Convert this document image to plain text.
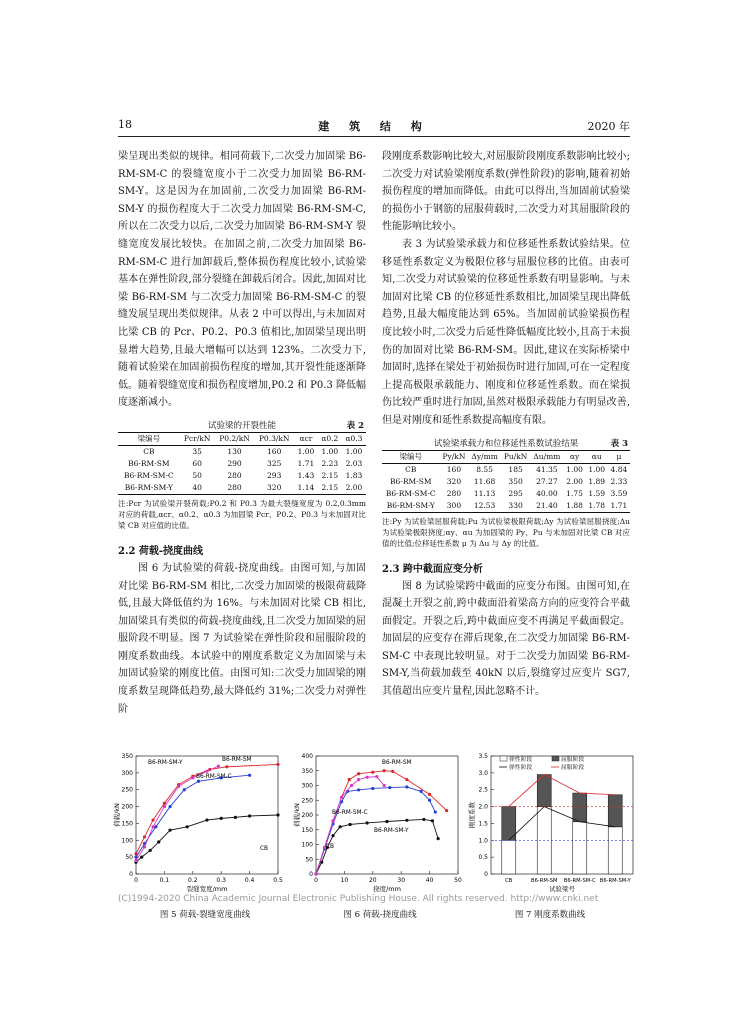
18	建 筑 结 构	2020 年

梁呈现出类似的规律。相同荷载下,二次受力加固梁 B6-RM-SM-C 的裂缝宽度小于二次受力加固梁 B6-RM-SM-Y。这是因为在加固前,二次受力加固梁 B6-RM-SM-Y 的损伤程度大于二次受力加固梁 B6-RM-SM-C,所以在二次受力以后,二次受力加固梁 B6-RM-SM-Y 裂缝宽度发展比较快。在加固之前,二次受力加固梁 B6-RM-SM-C 进行加卸载后,整体损伤程度比较小,试验梁基本在弹性阶段,部分裂缝在卸载后闭合。因此,加固对比梁 B6-RM-SM 与二次受力加固梁 B6-RM-SM-C 的裂缝发展呈现出类似规律。从表 2 中可以得出,与未加固对比梁 CB 的 Pcr、P0.2、P0.3 值相比,加固梁呈现出明显增大趋势,且最大增幅可以达到 123%。二次受力下,随着试验梁在加固前损伤程度的增加,其开裂性能逐渐降低。随着裂缝宽度和损伤程度增加,P0.2 和 P0.3 降低幅度逐渐减小。

试验梁的开裂性能	表 2
梁编号	Pcr/kN	P0.2/kN	P0.3/kN	αcr	α0.2	α0.3
CB	35	130	160	1.00	1.00	1.00
B6-RM-SM	60	290	325	1.71	2.23	2.03
B6-RM-SM-C	50	280	293	1.43	2.15	1.83
B6-RM-SM-Y	40	280	320	1.14	2.15	2.00
注:Pcr 为试验梁开裂荷载;P0.2 和 P0.3 为最大裂缝宽度为 0.2,0.3mm 对应的荷载,αcr、α0.2、α0.3 为加固梁 Pcr、P0.2、P0.3 与未加固对比梁 CB 对应值的比值。
2.2 荷载-挠度曲线

图 6 为试验梁的荷载-挠度曲线。由图可知,与加固对比梁 B6-RM-SM 相比,二次受力加固梁的极限荷载降低,且最大降低值约为 16%。与未加固对比梁 CB 相比,加固梁具有类似的荷载-挠度曲线,且二次受力加固梁的屈服阶段不明显。图 7 为试验梁在弹性阶段和屈服阶段的刚度系数曲线。本试验中的刚度系数定义为加固梁与未加固试验梁的刚度比值。由图可知:二次受力加固梁的刚度系数呈现降低趋势,最大降低约 31%;二次受力对弹性阶

段刚度系数影响比较大,对屈服阶段刚度系数影响比较小;二次受力对试验梁刚度系数(弹性阶段)的影响,随着初始损伤程度的增加而降低。由此可以得出,当加固前试验梁的损伤小于钢筋的屈服荷载时,二次受力对其屈服阶段的性能影响比较小。

表 3 为试验梁承载力和位移延性系数试验结果。位移延性系数定义为极限位移与屈服位移的比值。由表可知,二次受力对试验梁的位移延性系数有明显影响。与未加固对比梁 CB 的位移延性系数相比,加固梁呈现出降低趋势,且最大幅度能达到 65%。当加固前试验梁损伤程度比较小时,二次受力后延性降低幅度比较小,且高于未损伤的加固对比梁 B6-RM-SM。因此,建议在实际桥梁中加固时,选择在梁处于初始损伤时进行加固,可在一定程度上提高极限承载能力、刚度和位移延性系数。而在梁损伤比较严重时进行加固,虽然对极限承载能力有明显改善,但是对刚度和延性系数提高幅度有限。

试验梁承载力和位移延性系数试验结果	表 3
梁编号	Py/kN	Δy/mm	Pu/kN	Δu/mm	αy	αu	μ
CB	160	8.55	185	41.35	1.00	1.00	4.84
B6-RM-SM	320	11.68	350	27.27	2.00	1.89	2.33
B6-RM-SM-C	280	11.13	295	40.00	1.75	1.59	3.59
B6-RM-SM-Y	300	12.53	330	21.40	1.88	1.78	1.71
注:Py 为试验梁屈服荷载;Pu 为试验梁极限荷载;Δy 为试验梁屈服挠度;Δu 为试验梁极限挠度;αy、αu 为加固梁的 Py、Pu 与未加固对比梁 CB 对应值的比值;位移延性系数 μ 为 Δu 与 Δy 的比值。
2.3 跨中截面应变分析

图 8 为试验梁跨中截面的应变分布图。由图可知,在混凝土开裂之前,跨中截面沿着梁高方向的应变符合平截面假定。开裂之后,跨中截面应变不再满足平截面假定。加固层的应变存在滞后现象,在二次受力加固梁 B6-RM-SM-C 中表现比较明显。对于二次受力加固梁 B6-RM-SM-Y,当荷载加载至 40kN 以后,裂缝穿过应变片 SG7,其值超出应变片量程,因此忽略不计。

0	0.1	0.2	0.3	0.4	0.5
0
50
100
150
200
250
300
350
裂缝宽度/mm
荷载/kN
B6-RM-SM-Y	B6-RM-SM
B6-RM-SM-C
CB
0	10	20	30	40	50
0
50
100
150
200
250
300
350
400
挠度/mm
荷载/kN
B6-RM-SM
B6-RM-SM-C
B6-RM-SM-Y
CB
0
0.5
1.0
1.5
2.0
2.5
3.0
3.5
试验梁号
刚度系数
CB	B6-RM-SM B6-RM-SM-C B6-RM-SM-Y
弹性阶段	屈服阶段
弹性阶段	屈服阶段
图 5 荷载-裂缝宽度曲线	图 6 荷载-挠度曲线	图 7 刚度系数曲线
(C)1994-2020 China Academic Journal Electronic Publishing House. All rights reserved. http://www.cnki.net
